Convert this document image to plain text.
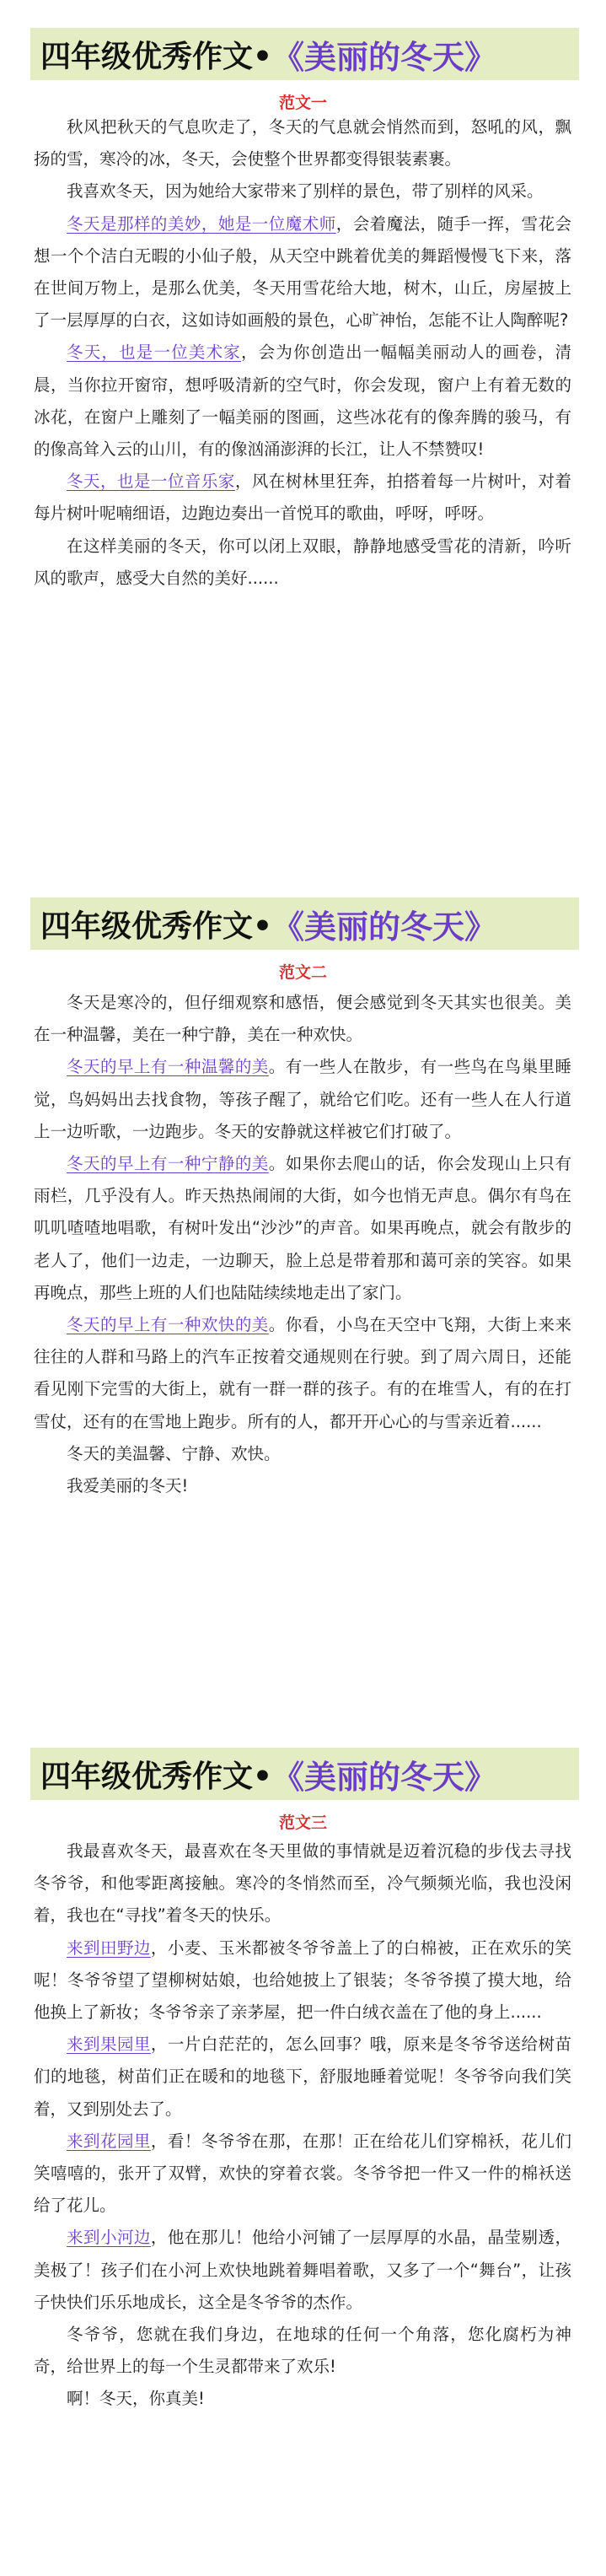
四年级优秀作文• 《美丽的冬天》
范文一

秋风把秋天的气息吹走了，冬天的气息就会悄然而到，怒吼的风，飘扬的雪，寒冷的冰，冬天，会使整个世界都变得银装素裹。

我喜欢冬天，因为她给大家带来了别样的景色，带了别样的风采。

冬天是那样的美妙，她是一位魔术师，会着魔法，随手一挥，雪花会想一个个洁白无暇的小仙子般，从天空中跳着优美的舞蹈慢慢飞下来，落在世间万物上，是那么优美，冬天用雪花给大地，树木，山丘，房屋披上了一层厚厚的白衣，这如诗如画般的景色，心旷神怡，怎能不让人陶醉呢?

冬天，也是一位美术家，会为你创造出一幅幅美丽动人的画卷，清晨，当你拉开窗帘，想呼吸清新的空气时，你会发现，窗户上有着无数的冰花，在窗户上雕刻了一幅美丽的图画，这些冰花有的像奔腾的骏马，有的像高耸入云的山川，有的像汹涌澎湃的长江，让人不禁赞叹!

冬天，也是一位音乐家，风在树林里狂奔，拍搭着每一片树叶，对着每片树叶呢喃细语，边跑边奏出一首悦耳的歌曲，呼呀，呼呀。

在这样美丽的冬天，你可以闭上双眼，静静地感受雪花的清新，吟听风的歌声，感受大自然的美好......

四年级优秀作文• 《美丽的冬天》
范文二

冬天是寒冷的，但仔细观察和感悟，便会感觉到冬天其实也很美。美在一种温馨，美在一种宁静，美在一种欢快。

冬天的早上有一种温馨的美。有一些人在散步，有一些鸟在鸟巢里睡觉，鸟妈妈出去找食物，等孩子醒了，就给它们吃。还有一些人在人行道上一边听歌，一边跑步。冬天的安静就这样被它们打破了。

冬天的早上有一种宁静的美。如果你去爬山的话，你会发现山上只有雨栏，几乎没有人。昨天热热闹闹的大街，如今也悄无声息。偶尔有鸟在叽叽喳喳地唱歌，有树叶发出“沙沙”的声音。如果再晚点，就会有散步的老人了，他们一边走，一边聊天，脸上总是带着那和蔼可亲的笑容。如果再晚点，那些上班的人们也陆陆续续地走出了家门。

冬天的早上有一种欢快的美。你看，小鸟在天空中飞翔，大街上来来往往的人群和马路上的汽车正按着交通规则在行驶。到了周六周日，还能看见刚下完雪的大街上，就有一群一群的孩子。有的在堆雪人，有的在打雪仗，还有的在雪地上跑步。所有的人，都开开心心的与雪亲近着......

冬天的美温馨、宁静、欢快。

我爱美丽的冬天!

四年级优秀作文• 《美丽的冬天》
范文三

我最喜欢冬天，最喜欢在冬天里做的事情就是迈着沉稳的步伐去寻找冬爷爷，和他零距离接触。寒冷的冬悄然而至，冷气频频光临，我也没闲着，我也在“寻找”着冬天的快乐。

来到田野边，小麦、玉米都被冬爷爷盖上了的白棉被，正在欢乐的笑呢！冬爷爷望了望柳树姑娘，也给她披上了银装；冬爷爷摸了摸大地，给他换上了新妆；冬爷爷亲了亲茅屋，把一件白绒衣盖在了他的身上......

来到果园里，一片白茫茫的，怎么回事？哦，原来是冬爷爷送给树苗们的地毯，树苗们正在暖和的地毯下，舒服地睡着觉呢！冬爷爷向我们笑着，又到别处去了。

来到花园里，看！冬爷爷在那，在那！正在给花儿们穿棉袄，花儿们笑嘻嘻的，张开了双臂，欢快的穿着衣裳。冬爷爷把一件又一件的棉袄送给了花儿。

来到小河边，他在那儿！他给小河铺了一层厚厚的水晶，晶莹剔透，美极了！孩子们在小河上欢快地跳着舞唱着歌，又多了一个“舞台”，让孩子快快们乐乐地成长，这全是冬爷爷的杰作。

冬爷爷，您就在我们身边，在地球的任何一个角落，您化腐朽为神奇，给世界上的每一个生灵都带来了欢乐!

啊！冬天，你真美!
